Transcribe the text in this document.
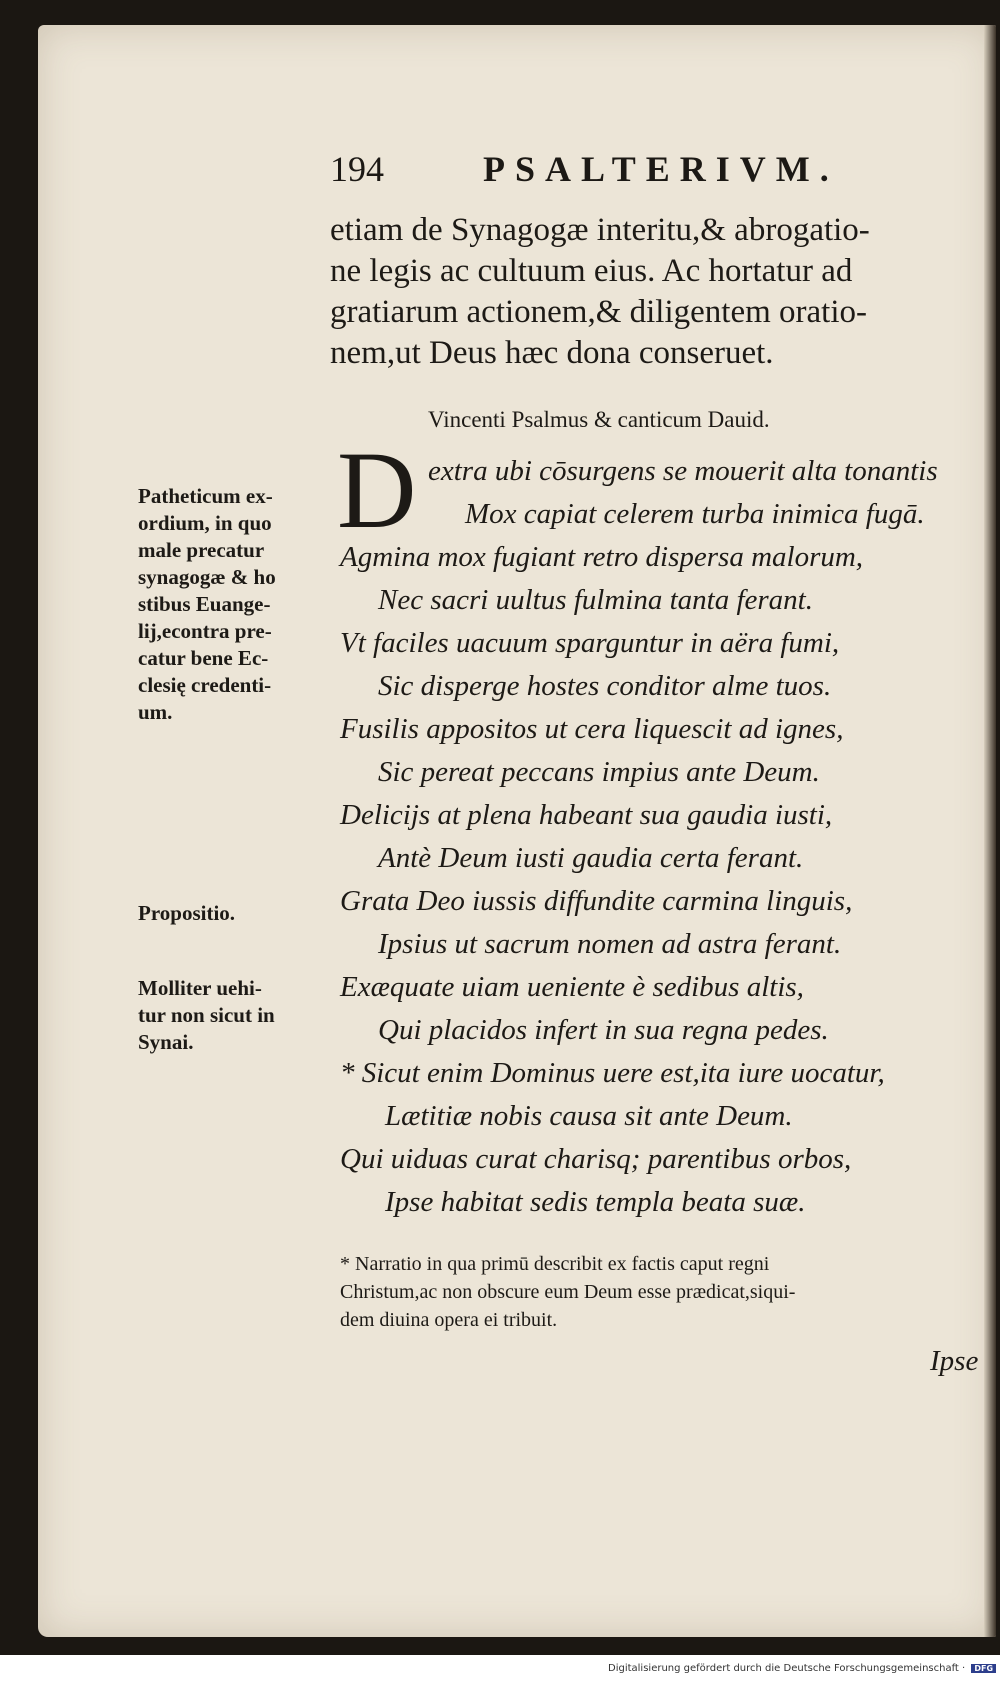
194	PSALTERIVM.
etiam de Synagogæ interitu,& abrogatio-
ne legis ac cultuum eius. Ac hortatur ad
gratiarum actionem,& diligentem oratio-
nem,ut Deus hæc dona conseruet.
Vincenti Psalmus & canticum Dauid.
D extra ubi cōsurgens se mouerit alta tonantis
Mox capiat celerem turba inimica fugā.
Agmina mox fugiant retro dispersa malorum,
Nec sacri uultus fulmina tanta ferant.
Vt faciles uacuum sparguntur in aëra fumi,
Sic disperge hostes conditor alme tuos.
Fusilis appositos ut cera liquescit ad ignes,
Sic pereat peccans impius ante Deum.
Delicijs at plena habeant sua gaudia iusti,
Antè Deum iusti gaudia certa ferant.
Grata Deo iussis diffundite carmina linguis,
Ipsius ut sacrum nomen ad astra ferant.
Exæquate uiam ueniente è sedibus altis,
Qui placidos infert in sua regna pedes.
* Sicut enim Dominus uere est,ita iure uocatur,
Lætitiæ nobis causa sit ante Deum.
Qui uiduas curat charisq; parentibus orbos,
Ipse habitat sedis templa beata suæ.
Patheticum ex-
ordium, in quo
male precatur
synagogæ & ho
stibus Euange-
lij,econtra pre-
catur bene Ec-
clesię credenti-
um.
Propositio.
Molliter uehi-
tur non sicut in
Synai.
* Narratio in qua primū describit ex factis caput regni
Christum,ac non obscure eum Deum esse prædicat,siqui-
dem diuina opera ei tribuit.
Ipse
Digitalisierung gefördert durch die Deutsche Forschungsgemeinschaft · DFG
